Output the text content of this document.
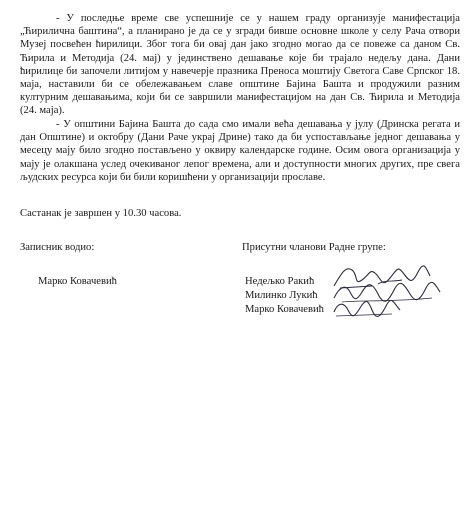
- У последње време све успешније се у нашем граду организује манифестација „Ћирилична баштина“, а планирано је да се у згради бивше основне школе у селу Рача отвори Музеј посвећен ћирилици. Због тога би овај дан јако згодно могао да се повеже са даном Св. Ћирила и Методија (24. мај) у јединствено дешавање које би трајало недељу дана. Дани ћирилице би започели литијом у навечерје празника Преноса моштију Светога Саве Српског 18. маја, наставили би се обележавањем славе општине Бајина Башта и продужили разним културним дешавањима, који би се завршили манифестацијом на дан Св. Ћирила и Методија (24. маја).

- У општини Бајина Башта до сада смо имали већа дешавања у јулу (Дринска регата и дан Општине) и октобру (Дани Раче украј Дрине) тако да би успостављање једног дешавања у месецу мају било згодно постављено у оквиру календарске године. Осим овога организација у мају је олакшана услед очекиваног лепог времена, али и доступности многих других, пре свега људских ресурса који би били коришћени у организацији прославе.

Састанак је завршен у 10.30 часова.
Записник водио:
Марко Ковачевић
Присутни чланови Радне групе:
Недељко Ракић
Милинко Лукић
Марко Ковачевић
